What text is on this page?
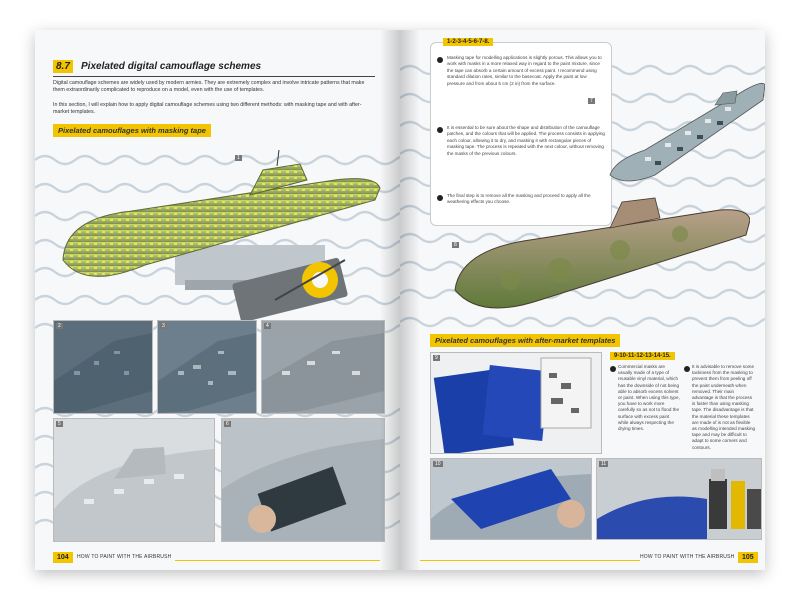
8.7	Pixelated digital camouflage schemes
Digital camouflage schemes are widely used by modern armies. They are extremely complex and involve intricate patterns that make them extraordinarily complicated to reproduce on a model, even with the use of templates.
In this section, I will explain how to apply digital camouflage schemes using two different methods: with masking tape and with after-market templates.
Pixelated camouflages with masking tape
1
2	3	4
5	6
104	HOW TO PAINT WITH THE AIRBRUSH
1-2-3-4-5-6-7-8.
Masking tape for modelling applications is slightly porous. This allows you to work with masks in a more relaxed way in regard to the paint mixture, since the tape can absorb a certain amount of excess paint. I recommend using standard dilution rates, similar to the basecoat. Apply the paint at low pressure and from about 5 cm (2 in) from the surface.
It is essential to be sure about the shape and distribution of the camouflage patches, and the colours that will be applied. The process consists in applying each colour, allowing it to dry, and masking it with rectangular pieces of masking tape. The process is repeated with the next colour, without removing the masks of the previous colours.
The final step is to remove all the masking and proceed to apply all the weathering effects you choose.
7
8
Pixelated camouflages with after-market templates
9	9-10-11-12-13-14-15.
Commercial masks are usually made of a type of reusable vinyl material, which has the downside of not being able to absorb excess solvent or paint. When using this type, you have to work more carefully so as not to flood the surface with excess paint while always respecting the drying times.
It is advisable to remove some tackiness from the masking to prevent them from peeling off the paint underneath when removed. Their main advantage is that the process is faster than using masking tape. The disadvantage is that the material these templates are made of is not as flexible as modelling intended masking tape and may be difficult to adapt to some corners and contours.
10	11
HOW TO PAINT WITH THE AIRBRUSH	105
